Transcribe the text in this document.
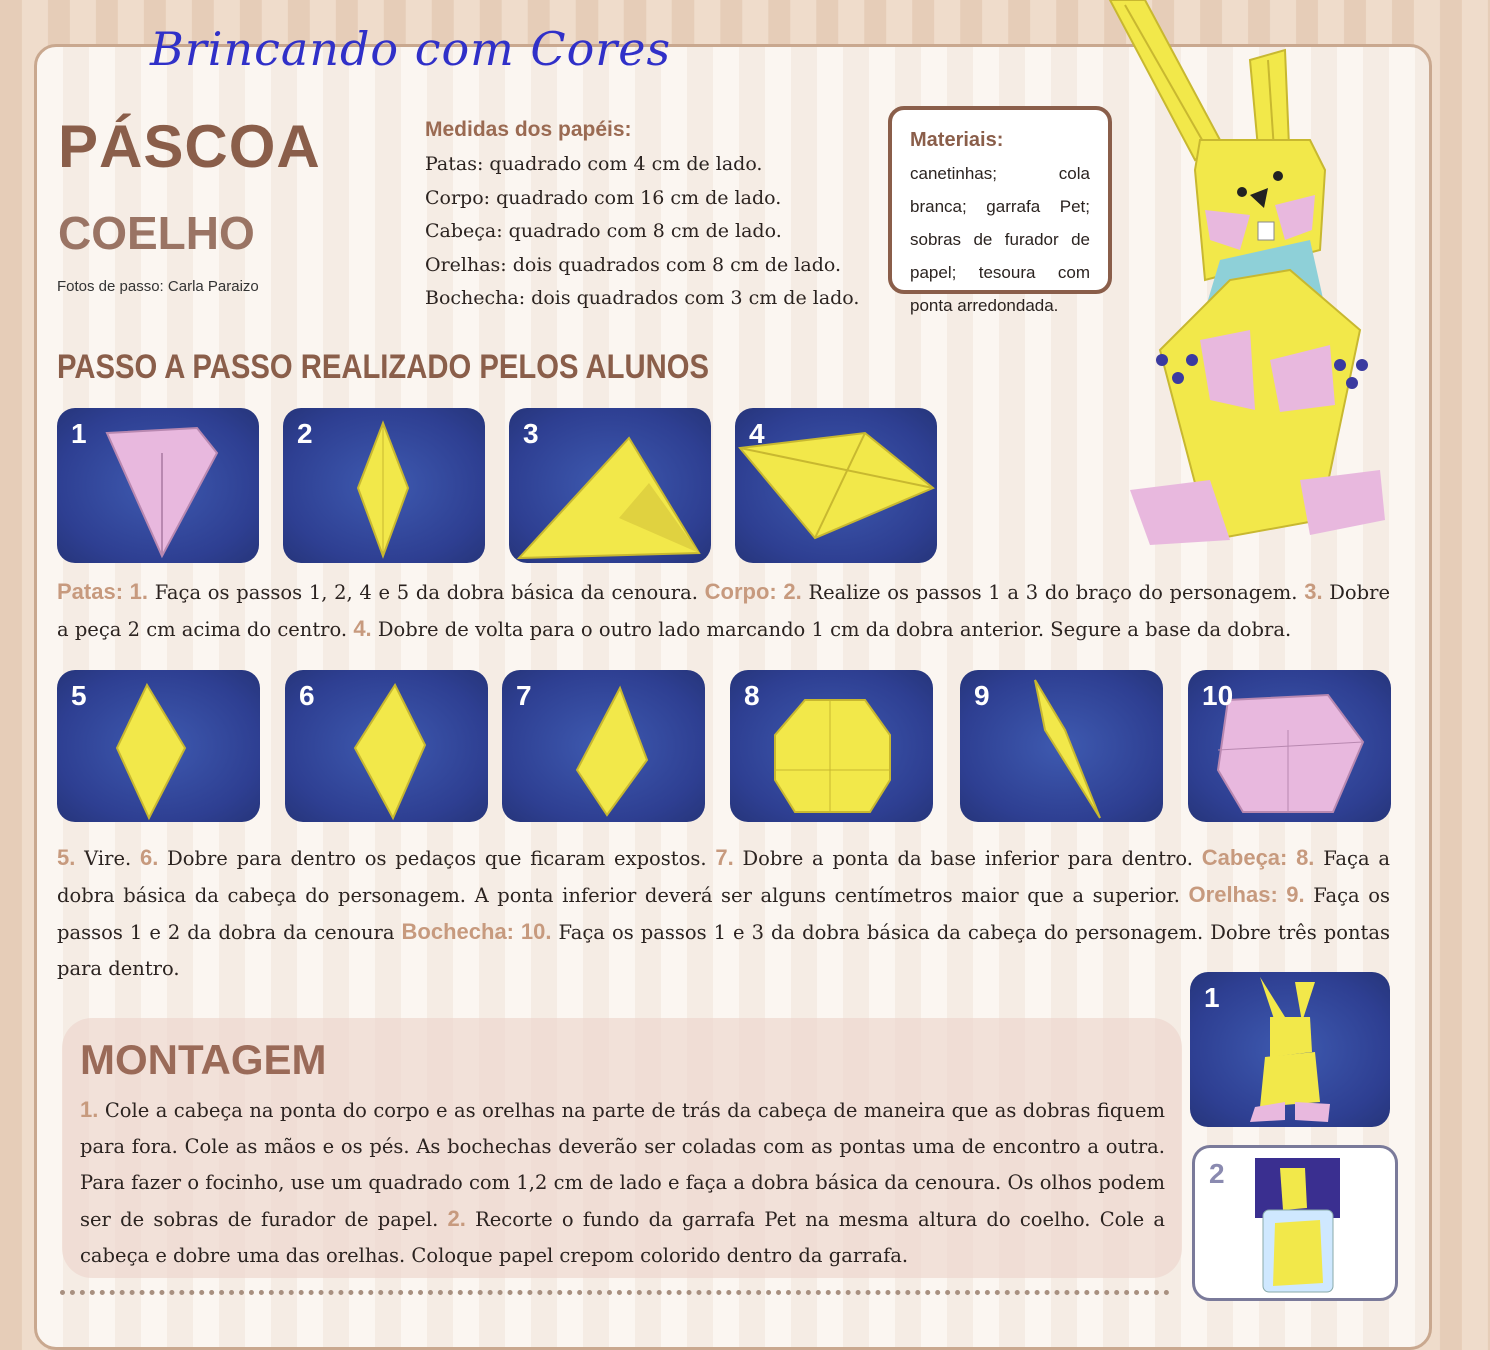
Brincando com Cores
PÁSCOA
COELHO
Fotos de passo: Carla Paraizo
Medidas dos papéis:
Patas: quadrado com 4 cm de lado.
Corpo: quadrado com 16 cm de lado.
Cabeça: quadrado com 8 cm de lado.
Orelhas: dois quadrados com 8 cm de lado.
Bochecha: dois quadrados com 3 cm de lado.
Materiais: canetinhas; cola branca; garrafa Pet; sobras de furador de papel; tesoura com ponta arredondada.
PASSO A PASSO REALIZADO PELOS ALUNOS
1	2	3	4
Patas: 1. Faça os passos 1, 2, 4 e 5 da dobra básica da cenoura. Corpo: 2. Realize os passos 1 a 3 do braço do personagem. 3. Dobre a peça 2 cm acima do centro. 4. Dobre de volta para o outro lado marcando 1 cm da dobra anterior. Segure a base da dobra.
5	6	7	8	9	10
5. Vire. 6. Dobre para dentro os pedaços que ficaram expostos. 7. Dobre a ponta da base inferior para dentro. Cabeça: 8. Faça a dobra básica da cabeça do personagem. A ponta inferior deverá ser alguns centímetros maior que a superior. Orelhas: 9. Faça os passos 1 e 2 da dobra da cenoura Bochecha: 10. Faça os passos 1 e 3 da dobra básica da cabeça do personagem. Dobre três pontas para dentro.
MONTAGEM
1. Cole a cabeça na ponta do corpo e as orelhas na parte de trás da cabeça de maneira que as dobras fiquem para fora. Cole as mãos e os pés. As bochechas deverão ser coladas com as pontas uma de encontro a outra. Para fazer o focinho, use um quadrado com 1,2 cm de lado e faça a dobra básica da cenoura. Os olhos podem ser de sobras de furador de papel. 2. Recorte o fundo da garrafa Pet na mesma altura do coelho. Cole a cabeça e dobre uma das orelhas. Coloque papel crepom colorido dentro da garrafa.
1
2
